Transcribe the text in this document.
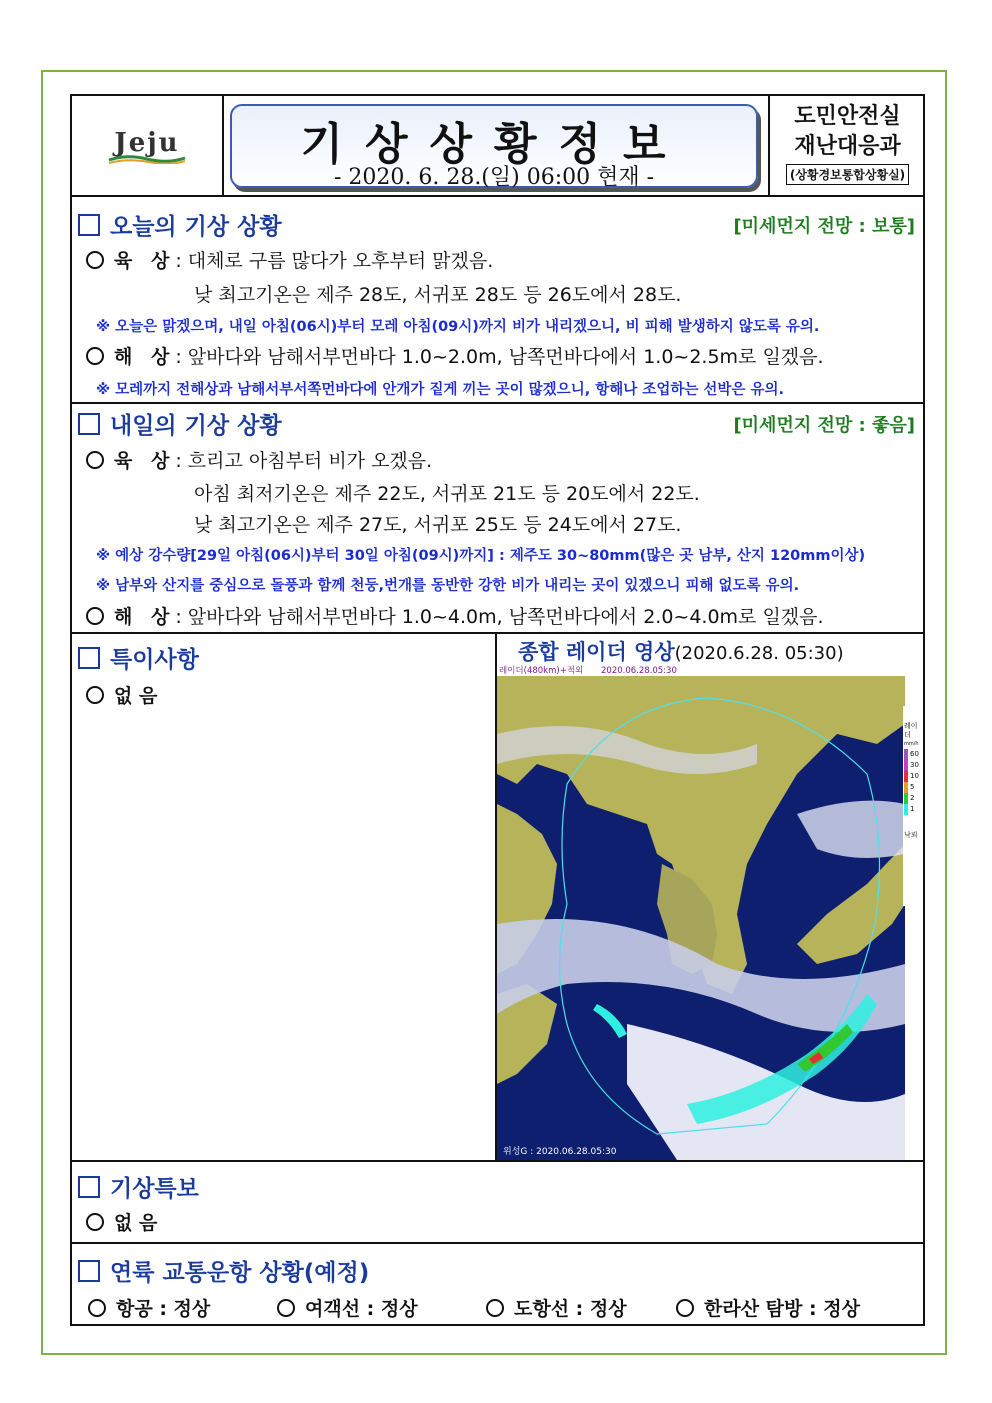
Jeju	기상상황정보
- 2020. 6. 28.(일) 06:00 현재 -
도민안전실
재난대응과
(상황경보통합상황실)
오늘의 기상 상황	[미세먼지 전망 : 보통]
육 상: 대체로 구름 많다가 오후부터 맑겠음.
낮 최고기온은 제주 28도, 서귀포 28도 등 26도에서 28도.
※ 오늘은 맑겠으며, 내일 아침(06시)부터 모레 아침(09시)까지 비가 내리겠으니, 비 피해 발생하지 않도록 유의.
해 상: 앞바다와 남해서부먼바다 1.0~2.0m, 남쪽먼바다에서 1.0~2.5m로 일겠음.
※ 모레까지 전해상과 남해서부서쪽먼바다에 안개가 짙게 끼는 곳이 많겠으니, 항해나 조업하는 선박은 유의.
내일의 기상 상황	[미세먼지 전망 : 좋음]
육 상: 흐리고 아침부터 비가 오겠음.
아침 최저기온은 제주 22도, 서귀포 21도 등 20도에서 22도.
낮 최고기온은 제주 27도, 서귀포 25도 등 24도에서 27도.
※ 예상 강수량[29일 아침(06시)부터 30일 아침(09시)까지] : 제주도 30~80mm(많은 곳 남부, 산지 120mm이상)
※ 남부와 산지를 중심으로 돌풍과 함께 천둥,번개를 동반한 강한 비가 내리는 곳이 있겠으니 피해 없도록 유의.
해 상: 앞바다와 남해서부먼바다 1.0~4.0m, 남쪽먼바다에서 2.0~4.0m로 일겠음.
특이사항
없 음
종합 레이더 영상(2020.6.28. 05:30)
레이더(480km)+적외 2020.06.28.05:30
위성G : 2020.06.28.05:30
레이더
mm/h
60
30
10
5
2
1
낙뢰
기상특보
없 음
연륙 교통운항 상황(예정)
항공 : 정상	여객선 : 정상	도항선 : 정상	한라산 탐방 : 정상
